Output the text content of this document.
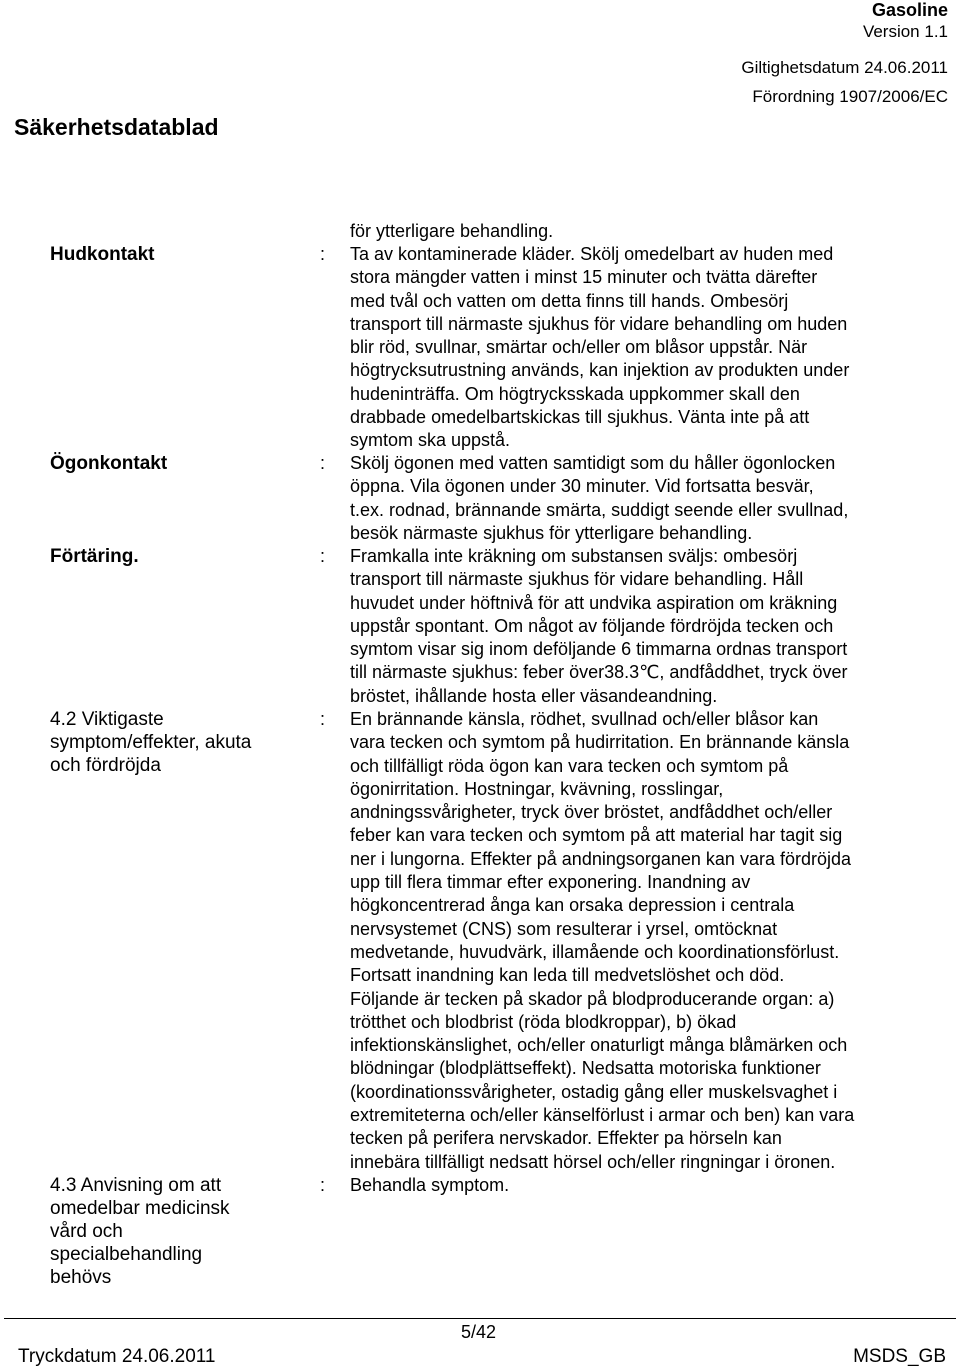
Gasoline
Version 1.1
Giltighetsdatum 24.06.2011
Förordning 1907/2006/EC
Säkerhetsdatablad
för ytterligare behandling.
Hudkontakt	: Ta av kontaminerade kläder. Skölj omedelbart av huden med
stora mängder vatten i minst 15 minuter och tvätta därefter
med tvål och vatten om detta finns till hands. Ombesörj
transport till närmaste sjukhus för vidare behandling om huden
blir röd, svullnar, smärtar och/eller om blåsor uppstår. När
högtrycksutrustning används, kan injektion av produkten under
hudeninträffa. Om högtrycksskada uppkommer skall den
drabbade omedelbartskickas till sjukhus. Vänta inte på att
symtom ska uppstå.
Ögonkontakt	: Skölj ögonen med vatten samtidigt som du håller ögonlocken
öppna. Vila ögonen under 30 minuter. Vid fortsatta besvär,
t.ex. rodnad, brännande smärta, suddigt seende eller svullnad,
besök närmaste sjukhus för ytterligare behandling.
Förtäring.	: Framkalla inte kräkning om substansen sväljs: ombesörj
transport till närmaste sjukhus för vidare behandling. Håll
huvudet under höftnivå för att undvika aspiration om kräkning
uppstår spontant. Om något av följande fördröjda tecken och
symtom visar sig inom deföljande 6 timmarna ordnas transport
till närmaste sjukhus: feber över38.3℃, andfåddhet, tryck över
bröstet, ihållande hosta eller väsandeandning.
4.2 Viktigaste
symptom/effekter, akuta
och fördröjda
: En brännande känsla, rödhet, svullnad och/eller blåsor kan
vara tecken och symtom på hudirritation. En brännande känsla
och tillfälligt röda ögon kan vara tecken och symtom på
ögonirritation. Hostningar, kvävning, rosslingar,
andningssvårigheter, tryck över bröstet, andfåddhet och/eller
feber kan vara tecken och symtom på att material har tagit sig
ner i lungorna. Effekter på andningsorganen kan vara fördröjda
upp till flera timmar efter exponering. Inandning av
högkoncentrerad ånga kan orsaka depression i centrala
nervsystemet (CNS) som resulterar i yrsel, omtöcknat
medvetande, huvudvärk, illamående och koordinationsförlust.
Fortsatt inandning kan leda till medvetslöshet och död.
Följande är tecken på skador på blodproducerande organ: a)
trötthet och blodbrist (röda blodkroppar), b) ökad
infektionskänslighet, och/eller onaturligt många blåmärken och
blödningar (blodplättseffekt). Nedsatta motoriska funktioner
(koordinationssvårigheter, ostadig gång eller muskelsvaghet i
extremiteterna och/eller känselförlust i armar och ben) kan vara
tecken på perifera nervskador. Effekter pa hörseln kan
innebära tillfälligt nedsatt hörsel och/eller ringningar i öronen.
4.3 Anvisning om att
omedelbar medicinsk
vård och
specialbehandling
behövs
: Behandla symptom.
5/42
Tryckdatum 24.06.2011	MSDS_GB
